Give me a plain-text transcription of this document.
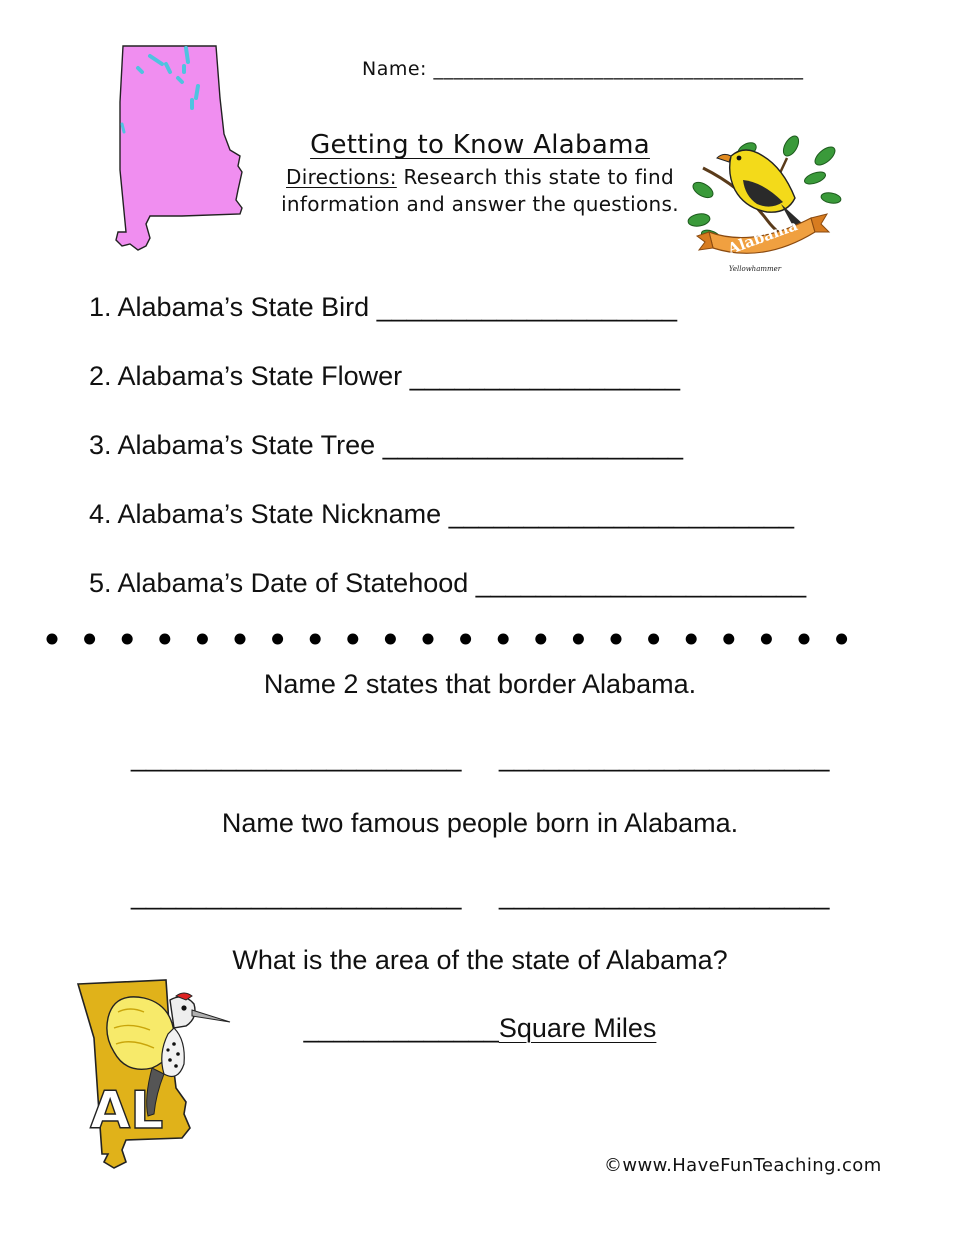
Name: _____________________________________
Getting to Know Alabama
Directions: Research this state to find information and answer the questions.
Alabama
Yellowhammer
1. Alabama’s State Bird ____________________
2. Alabama’s State Flower __________________
3. Alabama’s State Tree ____________________
4. Alabama’s State Nickname _______________________
5. Alabama’s Date of Statehood ______________________
Name 2 states that border Alabama.
______________________ ______________________
Name two famous people born in Alabama.
______________________ ______________________
What is the area of the state of Alabama?
_____________Square Miles
AL
©www.HaveFunTeaching.com
